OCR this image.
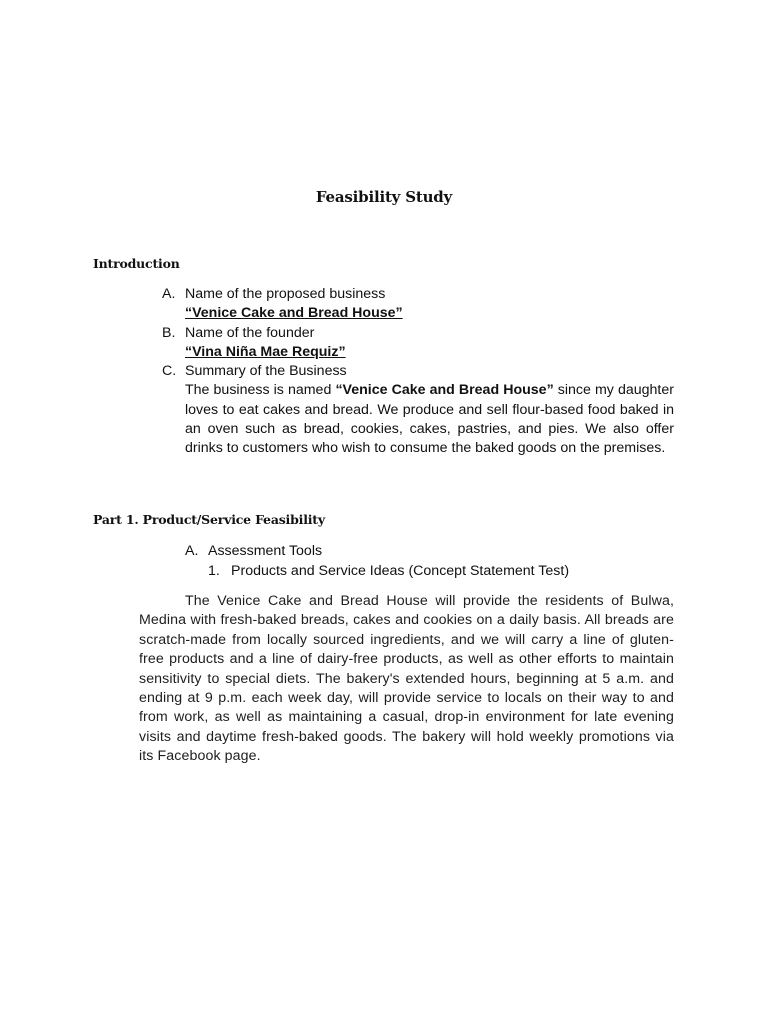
Feasibility Study
Introduction
A. Name of the proposed business
“Venice Cake and Bread House”
B. Name of the founder
“Vina Niña Mae Requiz”
C. Summary of the Business
The business is named “Venice Cake and Bread House” since my daughter loves to eat cakes and bread. We produce and sell flour-based food baked in an oven such as bread, cookies, cakes, pastries, and pies. We also offer drinks to customers who wish to consume the baked goods on the premises.
Part 1. Product/Service Feasibility
A. Assessment Tools
1. Products and Service Ideas (Concept Statement Test)
The Venice Cake and Bread House will provide the residents of Bulwa, Medina with fresh-baked breads, cakes and cookies on a daily basis. All breads are scratch-made from locally sourced ingredients, and we will carry a line of gluten-free products and a line of dairy-free products, as well as other efforts to maintain sensitivity to special diets. The bakery's extended hours, beginning at 5 a.m. and ending at 9 p.m. each week day, will provide service to locals on their way to and from work, as well as maintaining a casual, drop-in environment for late evening visits and daytime fresh-baked goods. The bakery will hold weekly promotions via its Facebook page.
